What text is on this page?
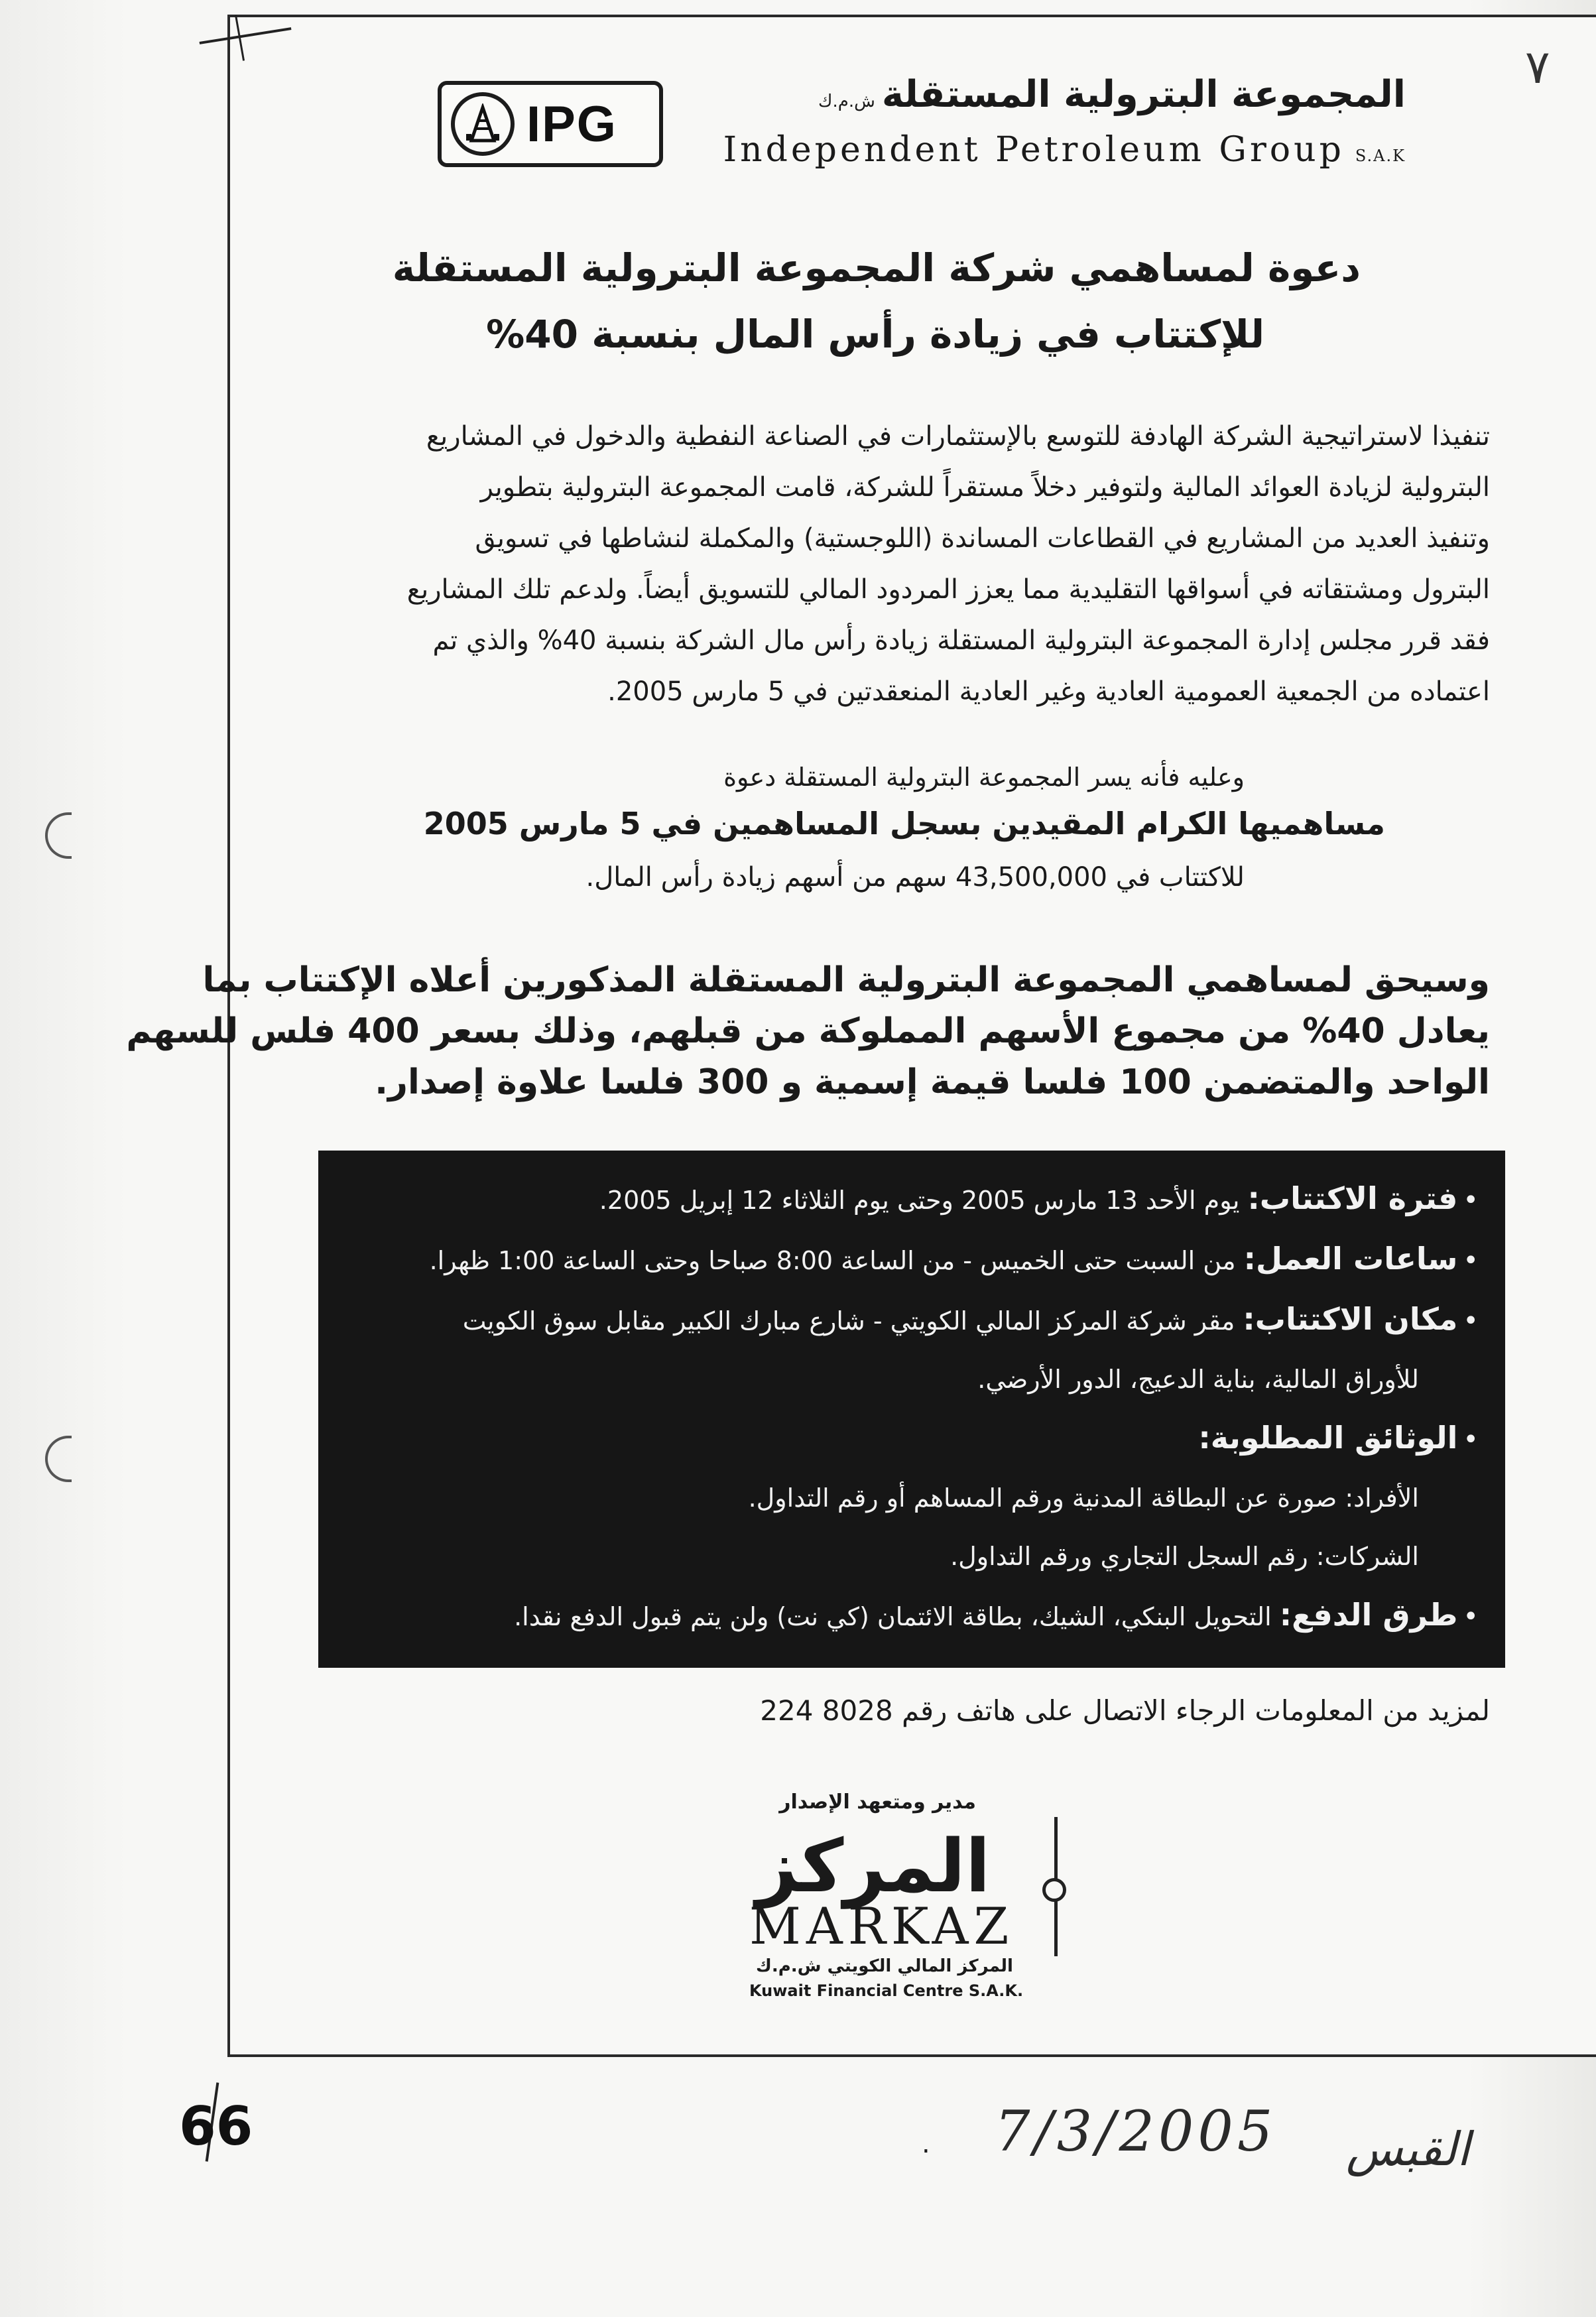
٧
IPG
المجموعة البترولية المستقلةش.م.ك
Independent Petroleum Group S.A.K
دعوة لمساهمي شركة المجموعة البترولية المستقلة
للإكتتاب في زيادة رأس المال بنسبة 40%

تنفيذا لاستراتيجية الشركة الهادفة للتوسع بالإستثمارات في الصناعة النفطية والدخول في المشاريع

البترولية لزيادة العوائد المالية ولتوفير دخلاً مستقراً للشركة، قامت المجموعة البترولية بتطوير

وتنفيذ العديد من المشاريع في القطاعات المساندة (اللوجستية) والمكملة لنشاطها في تسويق

البترول ومشتقاته في أسواقها التقليدية مما يعزز المردود المالي للتسويق أيضاً. ولدعم تلك المشاريع

فقد قرر مجلس إدارة المجموعة البترولية المستقلة زيادة رأس مال الشركة بنسبة 40% والذي تم

اعتماده من الجمعية العمومية العادية وغير العادية المنعقدتين في 5 مارس 2005.

وعليه فأنه يسر المجموعة البترولية المستقلة دعوة
مساهميها الكرام المقيدين بسجل المساهمين في 5 مارس 2005
للاكتتاب في 43,500,000 سهم من أسهم زيادة رأس المال.

وسيحق لمساهمي المجموعة البترولية المستقلة المذكورين أعلاه الإكتتاب بما

يعادل 40% من مجموع الأسهم المملوكة من قبلهم، وذلك بسعر 400 فلس للسهم

الواحد والمتضمن 100 فلسا قيمة إسمية و 300 فلسا علاوة إصدار.

•فترة الاكتتاب: يوم الأحد 13 مارس 2005 وحتى يوم الثلاثاء 12 إبريل 2005.
•ساعات العمل: من السبت حتى الخميس - من الساعة 8:00 صباحا وحتى الساعة 1:00 ظهرا.
•مكان الاكتتاب: مقر شركة المركز المالي الكويتي - شارع مبارك الكبير مقابل سوق الكويت
للأوراق المالية، بناية الدعيج، الدور الأرضي.
•الوثائق المطلوبة:
الأفراد: صورة عن البطاقة المدنية ورقم المساهم أو رقم التداول.
الشركات: رقم السجل التجاري ورقم التداول.
•طرق الدفع: التحويل البنكي، الشيك، بطاقة الائتمان (كي نت) ولن يتم قبول الدفع نقدا.
لمزيد من المعلومات الرجاء الاتصال على هاتف رقم 8028 224
مدير ومتعهد الإصدار
المركز
MARKAZ
المركز المالي الكويتي ش.م.ك
Kuwait Financial Centre S.A.K.
66	. 7/3/2005 القبس
